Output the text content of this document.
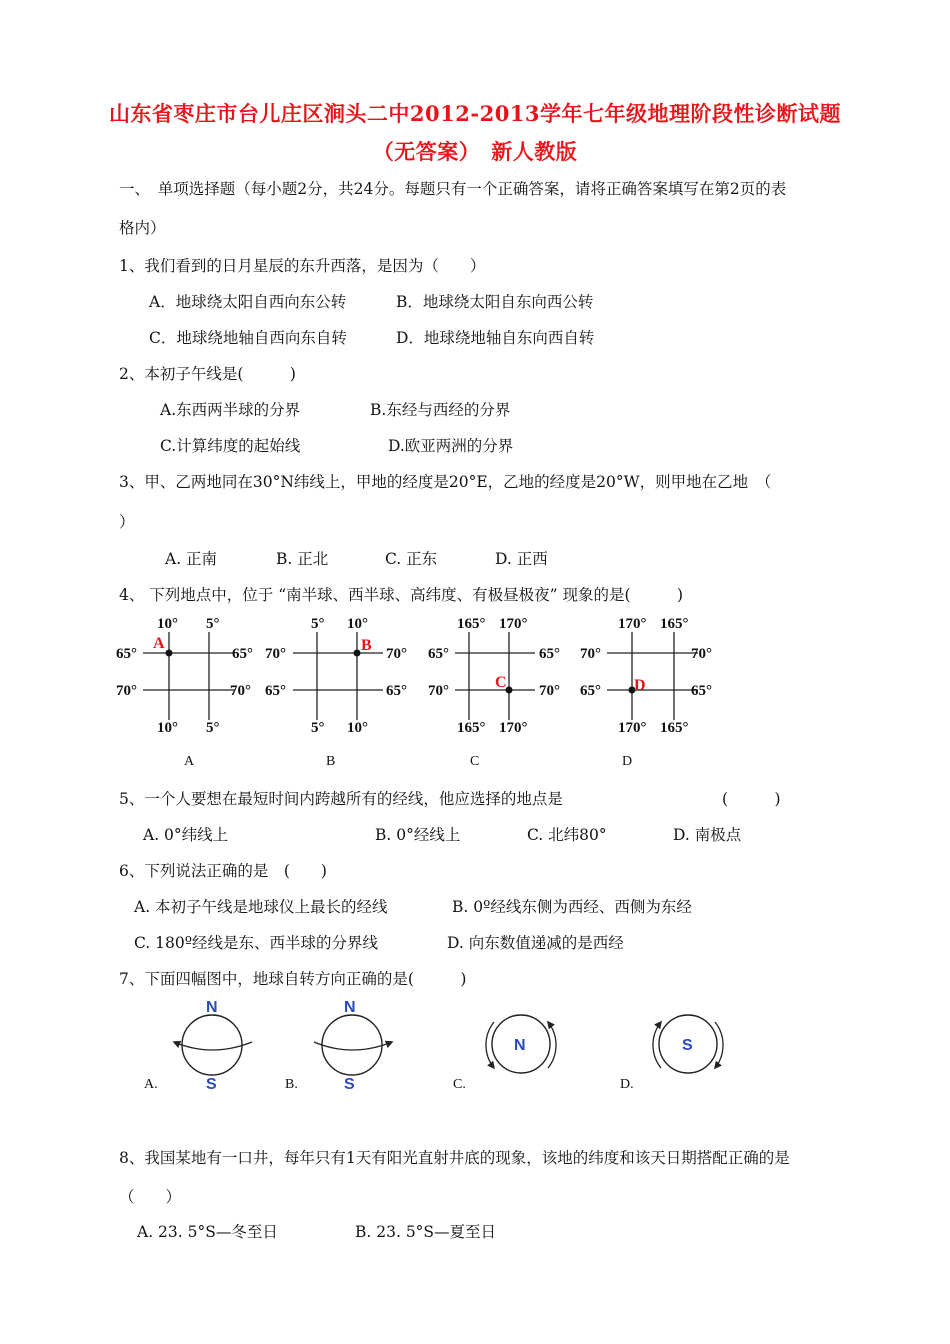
山东省枣庄市台儿庄区涧头二中2012-2013学年七年级地理阶段性诊断试题
（无答案）　新人教版
一、　单项选择题（每小题2分，共24分。每题只有一个正确答案，请将正确答案填写在第2页的表
格内）
1、我们看到的日月星辰的东升西落，是因为（　　）
A．地球绕太阳自西向东公转	B．地球绕太阳自东向西公转
C．地球绕地轴自西向东自转	D．地球绕地轴自东向西自转
2、本初子午线是(　　　)
A.东西两半球的分界	B.东经与西经的分界
C.计算纬度的起始线	D.欧亚两洲的分界
3、甲、乙两地同在30°N纬线上，甲地的经度是20°E，乙地的经度是20°W，则甲地在乙地　（
）
A. 正南	B. 正北	C. 正东	D. 正西
4、 下列地点中，位于 “南半球、西半球、高纬度、有极昼极夜” 现象的是(　　　)
10° 5°
10° 5°
65°	65°
70°	70°
A
A
5° 10°
5° 10°
70°	70°
65°	65°
B
B
165° 170°
165° 170°
65°	65°
70°	70°
C
C
170° 165°
170° 165°
70°	70°
65°	65°
D
D
5、一个人要想在最短时间内跨越所有的经线，他应选择的地点是	(　　　)
A. 0°纬线上	B. 0°经线上	C. 北纬80°	D. 南极点
6、下列说法正确的是　(　　)
A. 本初子午线是地球仪上最长的经线	B. 0º经线东侧为西经、西侧为东经
C. 180º经线是东、西半球的分界线	D. 向东数值递减的是西经
7、下面四幅图中，地球自转方向正确的是(　　　)
N
S
A.
N
S
B.
N
C.
S
D.
8、我国某地有一口井，每年只有1天有阳光直射井底的现象，该地的纬度和该天日期搭配正确的是
（　　）
A. 23. 5°S—冬至日	B. 23. 5°S—夏至日
